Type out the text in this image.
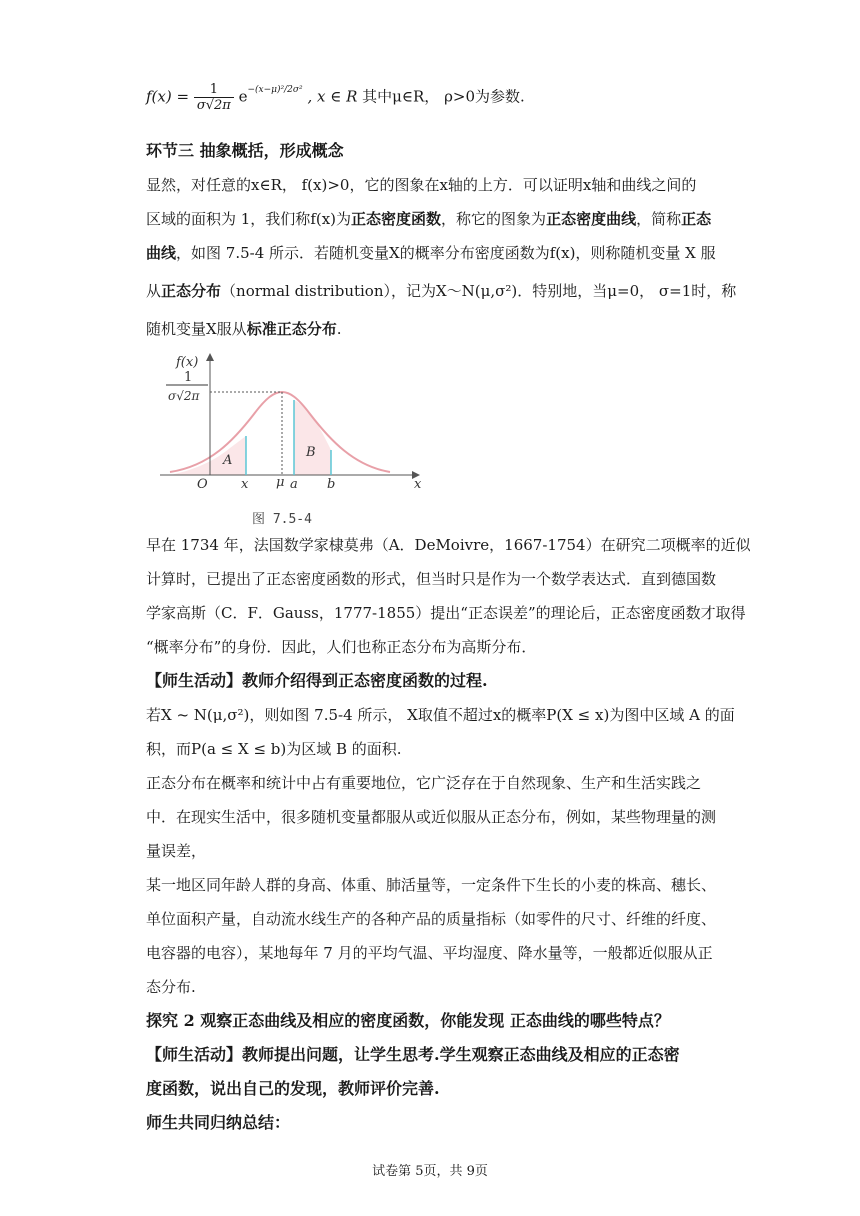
$f(x) = \frac{1}{\sigma√2\pi} e^{-(x-\mu)^2/2\sigma^2}$ , x ∈ R 其中μ∈R， ρ>0为参数.
环节三 抽象概括，形成概念
显然，对任意的x∈R， f(x)>0，它的图象在x轴的上方．可以证明x轴和曲线之间的
区域的面积为 1，我们称f(x)为正态密度函数，称它的图象为正态密度曲线，简称正态
曲线，如图 7.5-4 所示．若随机变量X的概率分布密度函数为f(x)，则称随机变量 X 服
从正态分布（normal distribution），记为X～N(μ,σ²)．特别地，当μ=0， σ=1时，称
随机变量X服从标准正态分布.
f(x)
1
σ√2π
O	x μ a b	x
A
B
图 7.5-4
早在 1734 年，法国数学家棣莫弗（A．DeMoivre，1667-1754）在研究二项概率的近似
计算时，已提出了正态密度函数的形式，但当时只是作为一个数学表达式．直到德国数
学家高斯（C．F．Gauss，1777-1855）提出“正态误差”的理论后，正态密度函数才取得
“概率分布”的身份．因此，人们也称正态分布为高斯分布．
【师生活动】教师介绍得到正态密度函数的过程.
若X ~ N(μ,σ²)，则如图 7.5-4 所示， X取值不超过x的概率P(X ≤ x)为图中区域 A 的面
积，而P(a ≤ X ≤ b)为区域 B 的面积.
正态分布在概率和统计中占有重要地位，它广泛存在于自然现象、生产和生活实践之
中．在现实生活中，很多随机变量都服从或近似服从正态分布，例如，某些物理量的测
量误差，
某一地区同年龄人群的身高、体重、肺活量等，一定条件下生长的小麦的株高、穗长、
单位面积产量，自动流水线生产的各种产品的质量指标（如零件的尺寸、纤维的纤度、
电容器的电容），某地每年 7 月的平均气温、平均湿度、降水量等，一般都近似服从正
态分布.
探究 2 观察正态曲线及相应的密度函数，你能发现 正态曲线的哪些特点？
【师生活动】教师提出问题，让学生思考.学生观察正态曲线及相应的正态密
度函数，说出自己的发现，教师评价完善.
师生共同归纳总结：
试卷第 5页，共 9页
